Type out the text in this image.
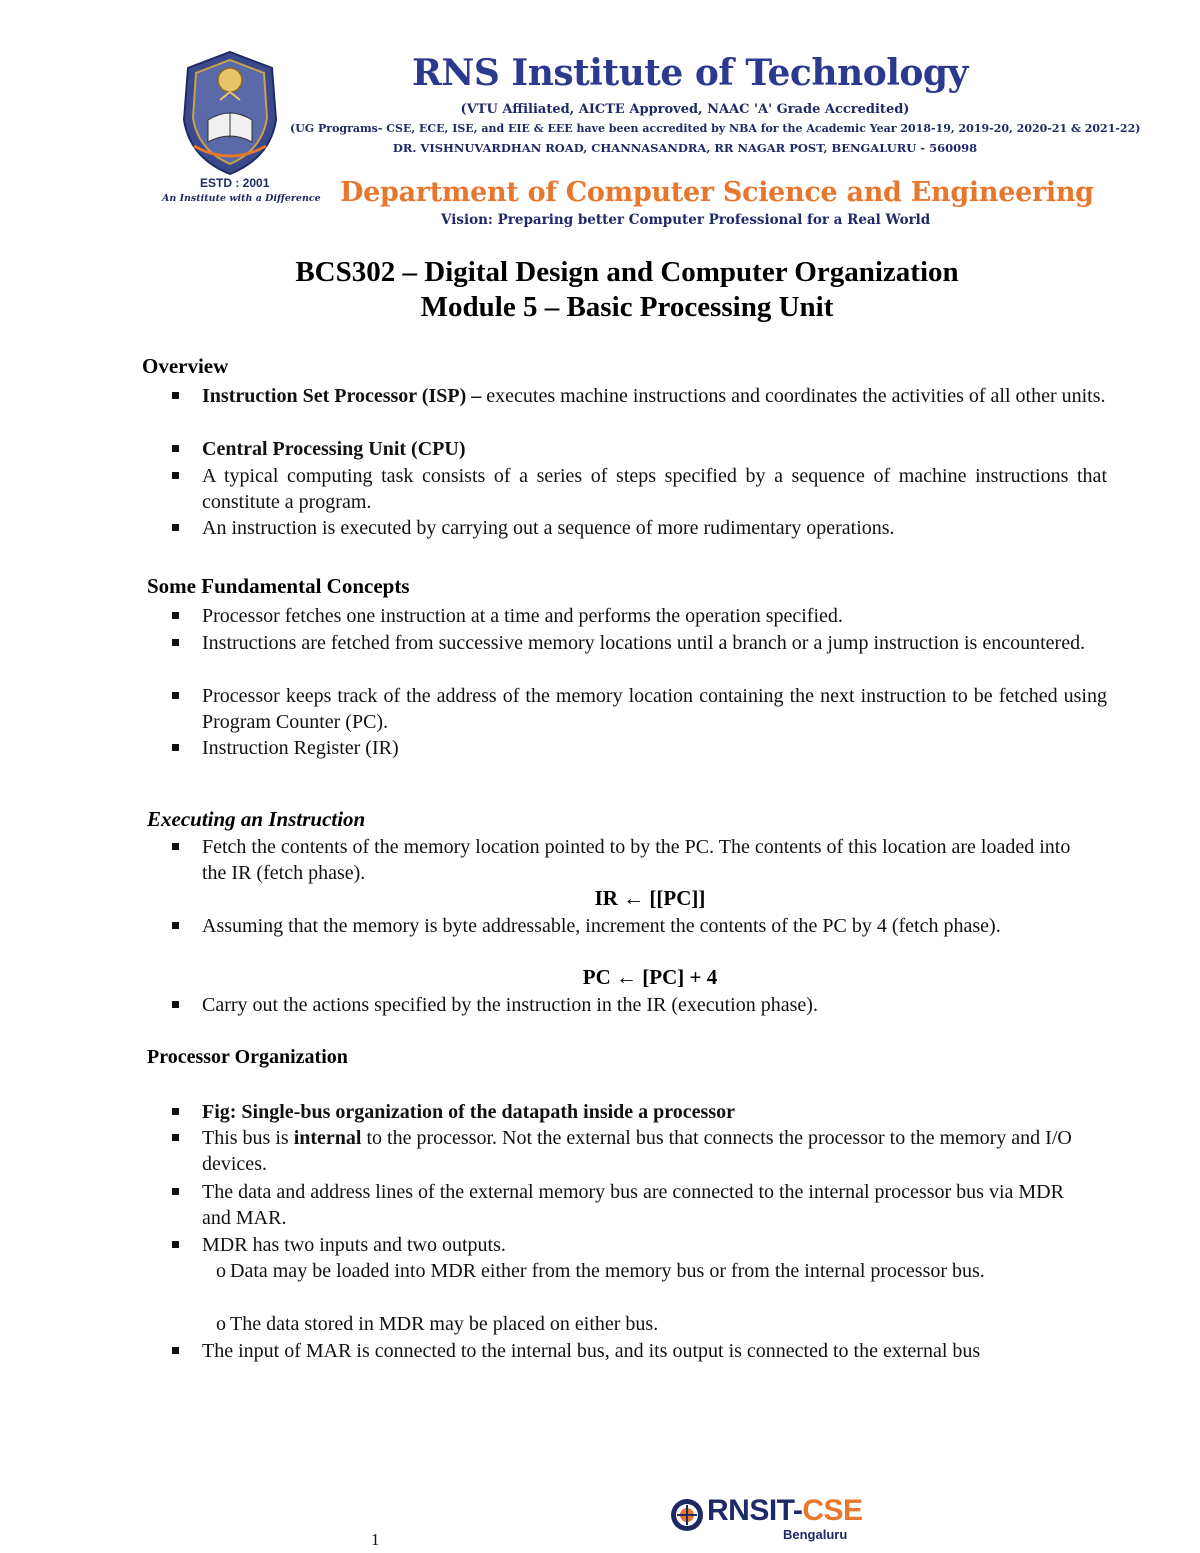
ESTD : 2001
An Institute with a Difference
RNS Institute of Technology
(VTU Affiliated, AICTE Approved, NAAC 'A' Grade Accredited)
(UG Programs- CSE, ECE, ISE, and EIE & EEE have been accredited by NBA for the Academic Year 2018-19, 2019-20, 2020-21 & 2021-22)
DR. VISHNUVARDHAN ROAD, CHANNASANDRA, RR NAGAR POST, BENGALURU - 560098
Department of Computer Science and Engineering
Vision: Preparing better Computer Professional for a Real World
BCS302 – Digital Design and Computer Organization
Module 5 – Basic Processing Unit
Overview
Instruction Set Processor (ISP) – executes machine instructions and coordinates the activities of all other units.
Central Processing Unit (CPU)
A typical computing task consists of a series of steps specified by a sequence of machine instructions that constitute a program.
An instruction is executed by carrying out a sequence of more rudimentary operations.
Some Fundamental Concepts
Processor fetches one instruction at a time and performs the operation specified.
Instructions are fetched from successive memory locations until a branch or a jump instruction is encountered.
Processor keeps track of the address of the memory location containing the next instruction to be fetched using Program Counter (PC).
Instruction Register (IR)
Executing an Instruction
Fetch the contents of the memory location pointed to by the PC. The contents of this location are loaded into the IR (fetch phase).
IR ← [[PC]]
Assuming that the memory is byte addressable, increment the contents of the PC by 4 (fetch phase).
PC ← [PC] + 4
Carry out the actions specified by the instruction in the IR (execution phase).
Processor Organization
Fig: Single-bus organization of the datapath inside a processor
This bus is internal to the processor. Not the external bus that connects the processor to the memory and I/O devices.
The data and address lines of the external memory bus are connected to the internal processor bus via MDR and MAR.
MDR has two inputs and two outputs.
o Data may be loaded into MDR either from the memory bus or from the internal processor bus.
o The data stored in MDR may be placed on either bus.
The input of MAR is connected to the internal bus, and its output is connected to the external bus
RNSIT-CSE
Bengaluru
1
